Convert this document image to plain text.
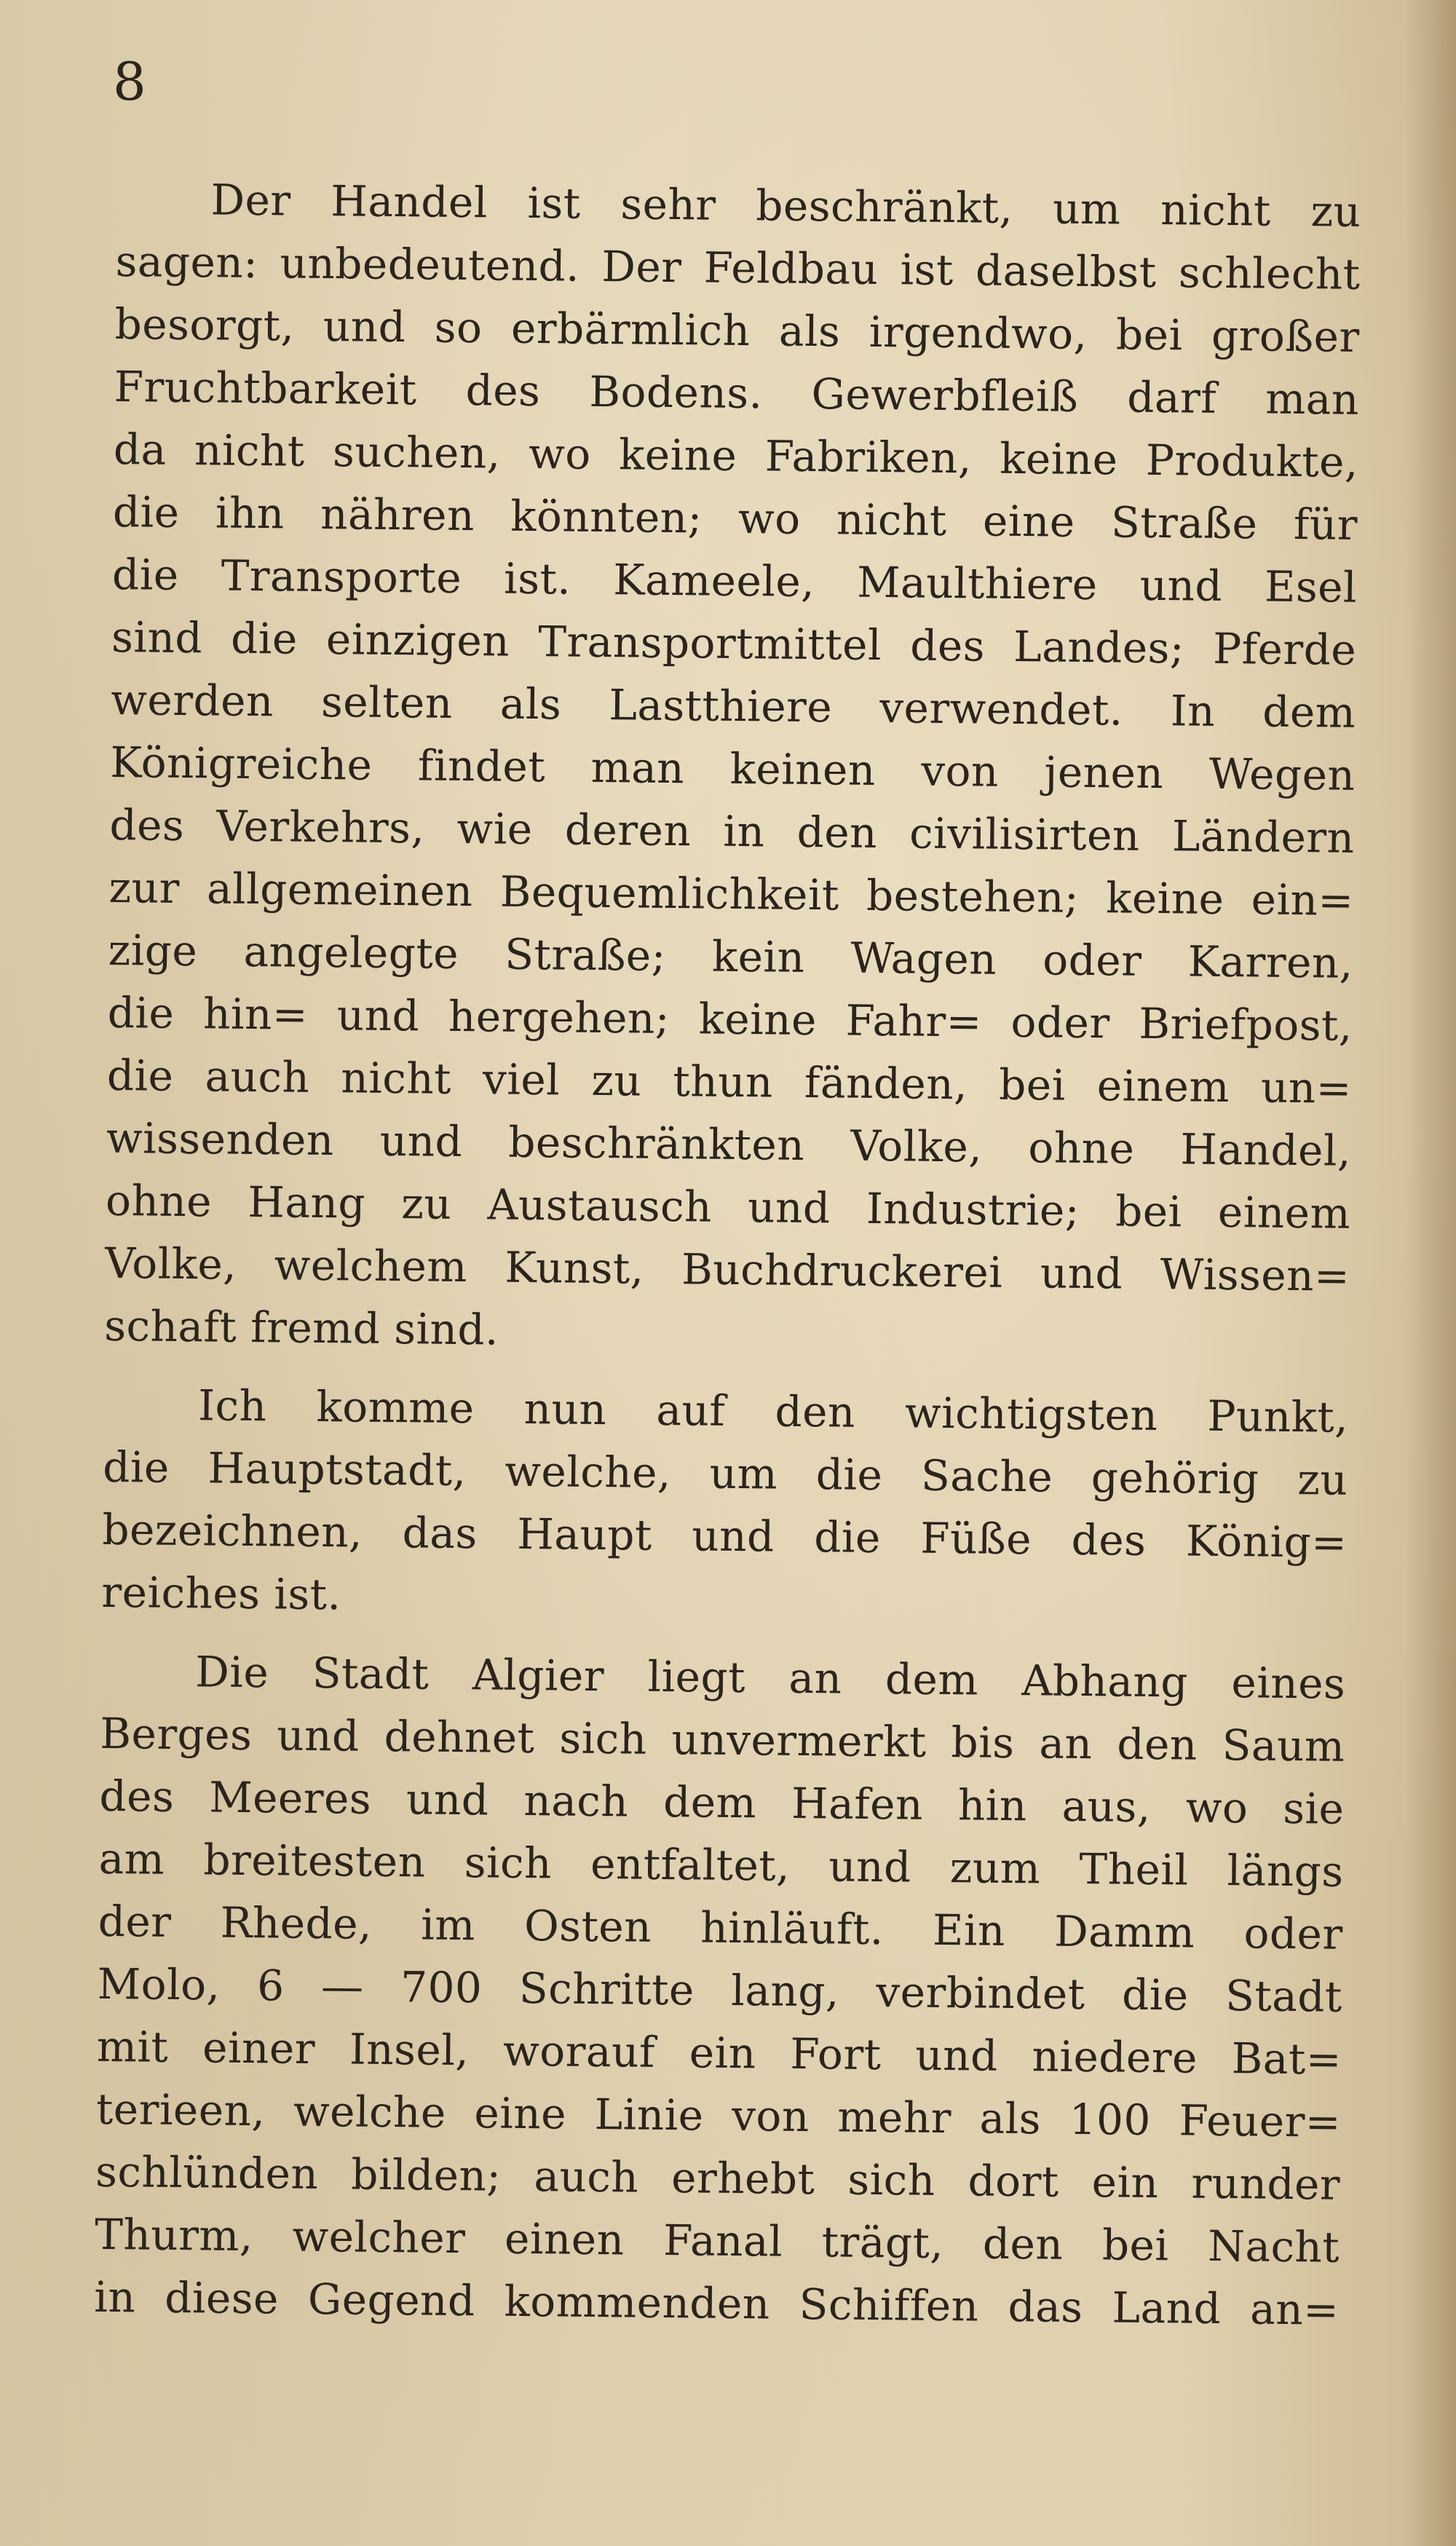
8
Der Handel ist sehr beschränkt, um nicht zu
sagen: unbedeutend. Der Feldbau ist daselbst schlecht
besorgt, und so erbärmlich als irgendwo, bei großer
Fruchtbarkeit des Bodens. Gewerbfleiß darf man
da nicht suchen, wo keine Fabriken, keine Produkte,
die ihn nähren könnten; wo nicht eine Straße für
die Transporte ist. Kameele, Maulthiere und Esel
sind die einzigen Transportmittel des Landes; Pferde
werden selten als Lastthiere verwendet. In dem
Königreiche findet man keinen von jenen Wegen
des Verkehrs, wie deren in den civilisirten Ländern
zur allgemeinen Bequemlichkeit bestehen; keine ein=
zige angelegte Straße; kein Wagen oder Karren,
die hin= und hergehen; keine Fahr= oder Briefpost,
die auch nicht viel zu thun fänden, bei einem un=
wissenden und beschränkten Volke, ohne Handel,
ohne Hang zu Austausch und Industrie; bei einem
Volke, welchem Kunst, Buchdruckerei und Wissen=
schaft fremd sind.
Ich komme nun auf den wichtigsten Punkt,
die Hauptstadt, welche, um die Sache gehörig zu
bezeichnen, das Haupt und die Füße des König=
reiches ist.
Die Stadt Algier liegt an dem Abhang eines
Berges und dehnet sich unvermerkt bis an den Saum
des Meeres und nach dem Hafen hin aus, wo sie
am breitesten sich entfaltet, und zum Theil längs
der Rhede, im Osten hinläuft. Ein Damm oder
Molo, 6 — 700 Schritte lang, verbindet die Stadt
mit einer Insel, worauf ein Fort und niedere Bat=
terieen, welche eine Linie von mehr als 100 Feuer=
schlünden bilden; auch erhebt sich dort ein runder
Thurm, welcher einen Fanal trägt, den bei Nacht
in diese Gegend kommenden Schiffen das Land an=
